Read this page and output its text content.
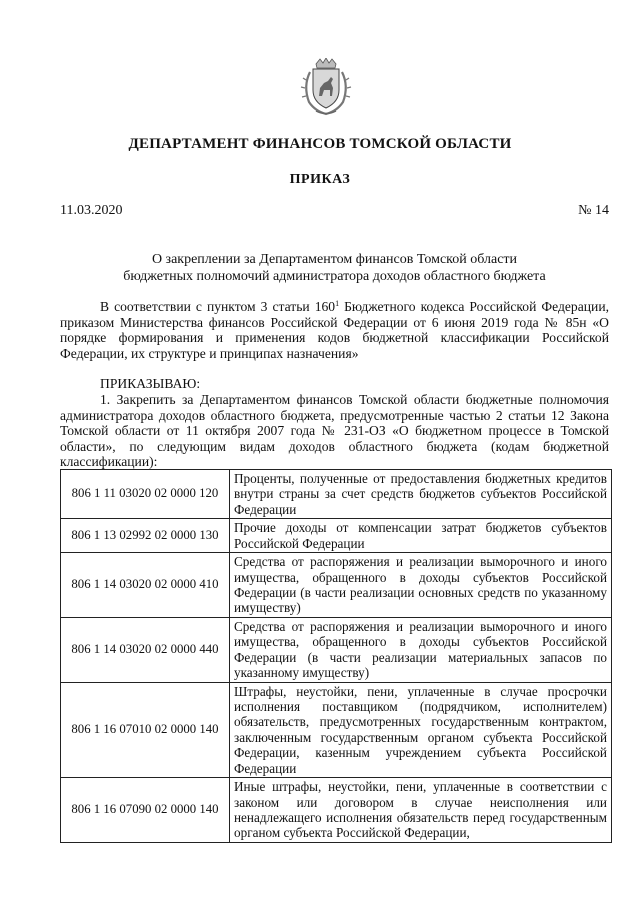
ДЕПАРТАМЕНТ ФИНАНСОВ ТОМСКОЙ ОБЛАСТИ
ПРИКАЗ
11.03.2020	№ 14
О закреплении за Департаментом финансов Томской области
бюджетных полномочий администратора доходов областного бюджета
В соответствии с пунктом 3 статьи $160^1$ Бюджетного кодекса Российской Федерации, приказом Министерства финансов Российской Федерации от 6 июня 2019 года № 85н «О порядке формирования и применения кодов бюджетной классификации Российской Федерации, их структуре и принципах назначения»
ПРИКАЗЫВАЮ:
1. Закрепить за Департаментом финансов Томской области бюджетные полномочия администратора доходов областного бюджета, предусмотренные частью 2 статьи 12 Закона Томской области от 11 октября 2007 года № 231-ОЗ «О бюджетном процессе в Томской области», по следующим видам доходов областного бюджета (кодам бюджетной классификации):
806 1 11 03020 02 0000 120	Проценты, полученные от предоставления бюджетных кредитов внутри страны за счет средств бюджетов субъектов Российской Федерации
806 1 13 02992 02 0000 130	Прочие доходы от компенсации затрат бюджетов субъектов Российской Федерации
806 1 14 03020 02 0000 410	Средства от распоряжения и реализации выморочного и иного имущества, обращенного в доходы субъектов Российской Федерации (в части реализации основных средств по указанному имуществу)
806 1 14 03020 02 0000 440	Средства от распоряжения и реализации выморочного и иного имущества, обращенного в доходы субъектов Российской Федерации (в части реализации материальных запасов по указанному имуществу)
806 1 16 07010 02 0000 140	Штрафы, неустойки, пени, уплаченные в случае просрочки исполнения поставщиком (подрядчиком, исполнителем) обязательств, предусмотренных государственным контрактом, заключенным государственным органом субъекта Российской Федерации, казенным учреждением субъекта Российской Федерации
806 1 16 07090 02 0000 140	Иные штрафы, неустойки, пени, уплаченные в соответствии с законом или договором в случае неисполнения или ненадлежащего исполнения обязательств перед государственным органом субъекта Российской Федерации,
